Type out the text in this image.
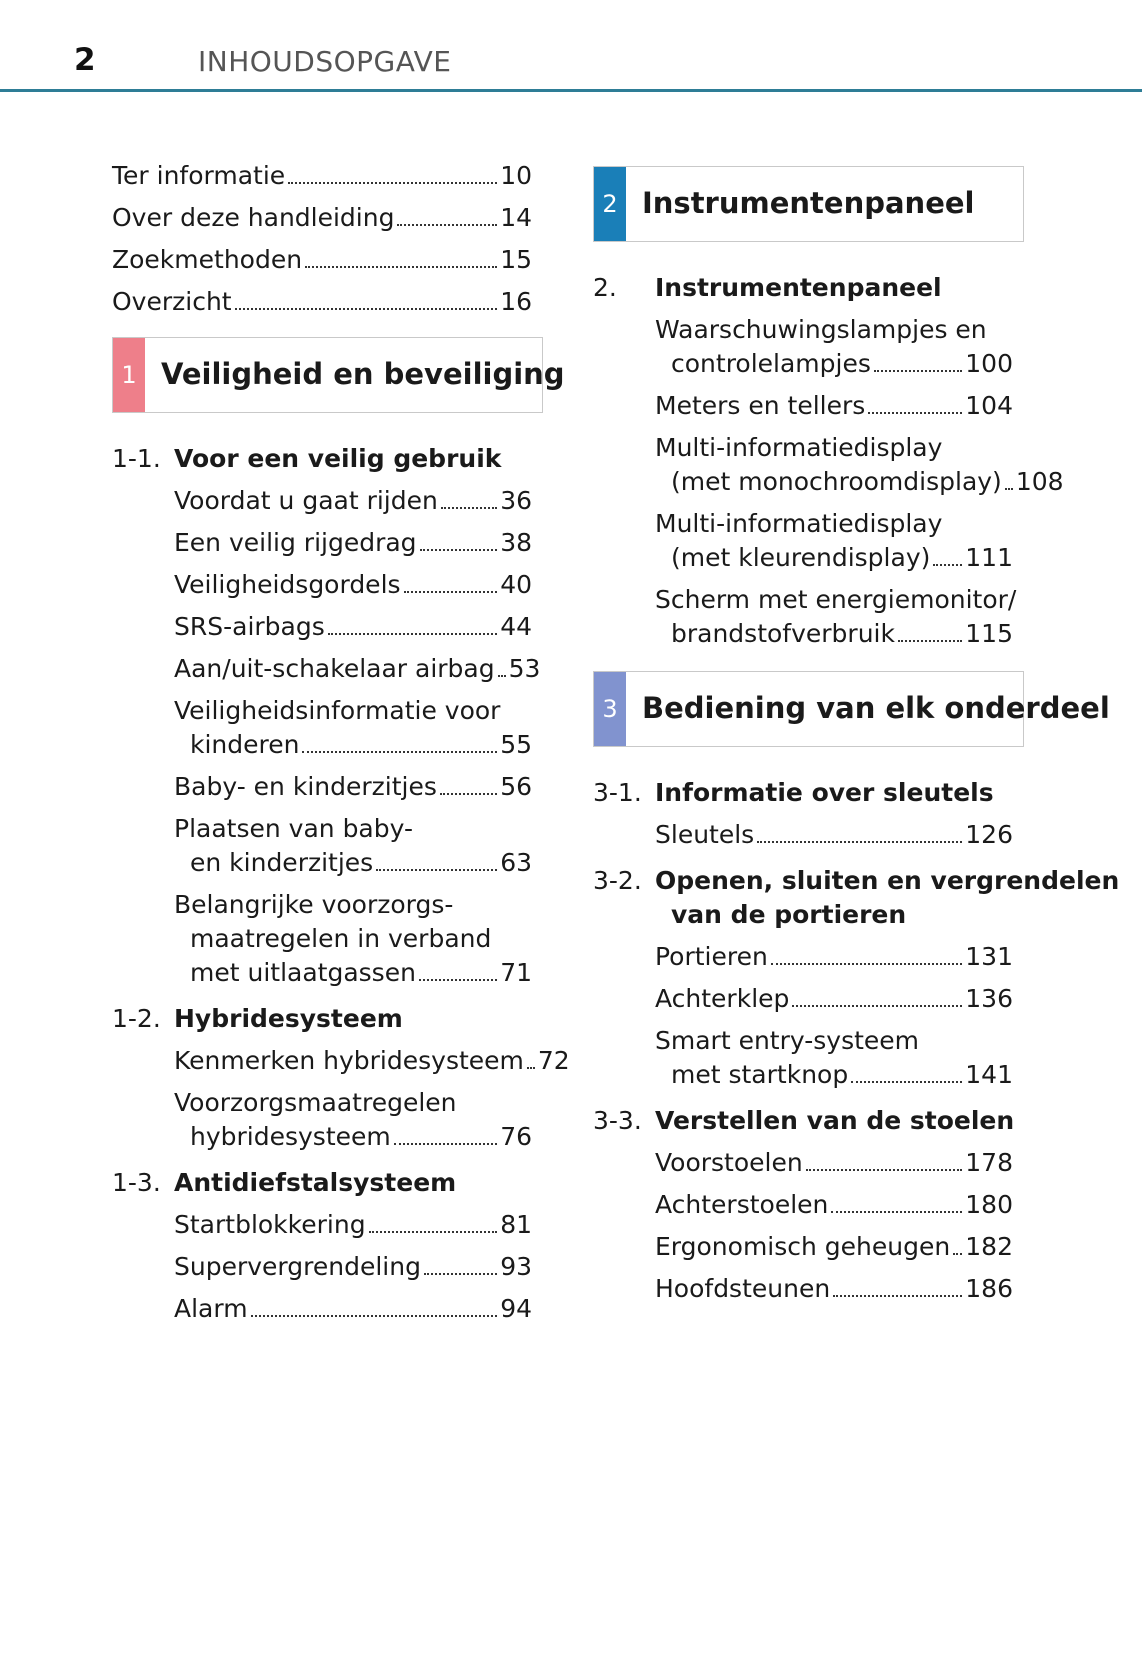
2	INHOUDSOPGAVE
Ter informatie	10
Over deze handleiding	14
Zoekmethoden	15
Overzicht	16
1 Veiligheid en beveiliging
1-1. Voor een veilig gebruik
Voordat u gaat rijden 36
Een veilig rijgedrag	38
Veiligheidsgordels	40
SRS-airbags	44
Aan/uit-schakelaar airbag 53
Veiligheidsinformatie voor
kinderen	55
Baby- en kinderzitjes	56
Plaatsen van baby-
en kinderzitjes	63
Belangrijke voorzorgs-
maatregelen in verband
met uitlaatgassen	71
1-2. Hybridesysteem
Kenmerken hybridesysteem 72
Voorzorgsmaatregelen
hybridesysteem	76
1-3. Antidiefstalsysteem
Startblokkering	81
Supervergrendeling	93
Alarm	94
2 Instrumentenpaneel
2. Instrumentenpaneel
Waarschuwingslampjes en
controlelampjes	100
Meters en tellers	104
Multi-informatiedisplay
(met monochroomdisplay) 108
Multi-informatiedisplay
(met kleurendisplay) 111
Scherm met energiemonitor/
brandstofverbruik	115
3 Bediening van elk onderdeel
3-1. Informatie over sleutels
Sleutels	126
3-2. Openen, sluiten en vergrendelen
van de portieren
Portieren	131
Achterklep	136
Smart entry-systeem
met startknop	141
3-3. Verstellen van de stoelen
Voorstoelen	178
Achterstoelen	180
Ergonomisch geheugen 182
Hoofdsteunen	186
